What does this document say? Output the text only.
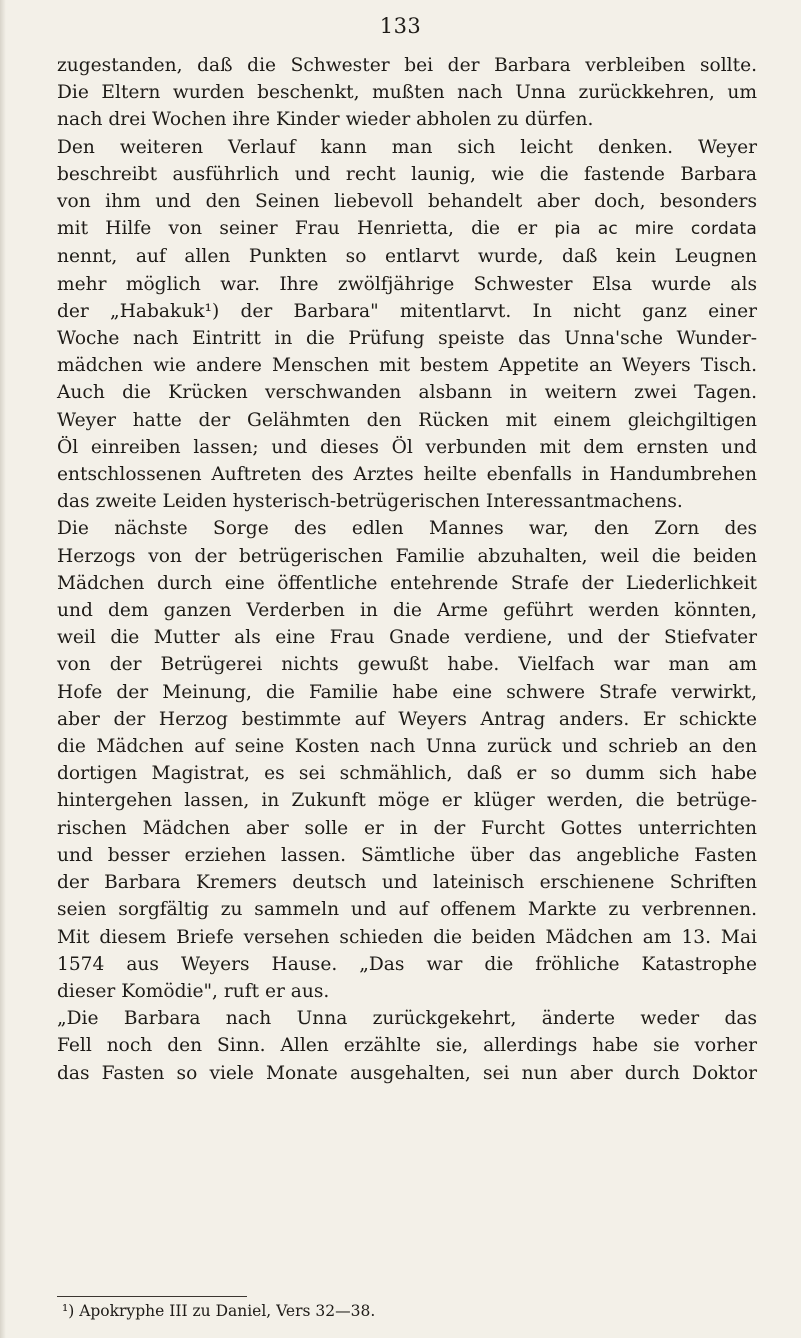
133

zugestanden, daß die Schwester bei der Barbara verbleiben sollte.
Die Eltern wurden beschenkt, mußten nach Unna zurückkehren, um
nach drei Wochen ihre Kinder wieder abholen zu dürfen.
Den weiteren Verlauf kann man sich leicht denken. Weyer
beschreibt ausführlich und recht launig, wie die fastende Barbara
von ihm und den Seinen liebevoll behandelt aber doch, besonders
mit Hilfe von seiner Frau Henrietta, die er pia ac mire cordata
nennt, auf allen Punkten so entlarvt wurde, daß kein Leugnen
mehr möglich war. Ihre zwölfjährige Schwester Elsa wurde als
der „Habakuk¹) der Barbara" mitentlarvt. In nicht ganz einer
Woche nach Eintritt in die Prüfung speiste das Unna'sche Wunder-
mädchen wie andere Menschen mit bestem Appetite an Weyers Tisch.
Auch die Krücken verschwanden alsbann in weitern zwei Tagen.
Weyer hatte der Gelähmten den Rücken mit einem gleichgiltigen
Öl einreiben lassen; und dieses Öl verbunden mit dem ernsten und
entschlossenen Auftreten des Arztes heilte ebenfalls in Handumbrehen
das zweite Leiden hysterisch-betrügerischen Interessantmachens.
Die nächste Sorge des edlen Mannes war, den Zorn des
Herzogs von der betrügerischen Familie abzuhalten, weil die beiden
Mädchen durch eine öffentliche entehrende Strafe der Liederlichkeit
und dem ganzen Verderben in die Arme geführt werden könnten,
weil die Mutter als eine Frau Gnade verdiene, und der Stiefvater
von der Betrügerei nichts gewußt habe. Vielfach war man am
Hofe der Meinung, die Familie habe eine schwere Strafe verwirkt,
aber der Herzog bestimmte auf Weyers Antrag anders. Er schickte
die Mädchen auf seine Kosten nach Unna zurück und schrieb an den
dortigen Magistrat, es sei schmählich, daß er so dumm sich habe
hintergehen lassen, in Zukunft möge er klüger werden, die betrüge-
rischen Mädchen aber solle er in der Furcht Gottes unterrichten
und besser erziehen lassen. Sämtliche über das angebliche Fasten
der Barbara Kremers deutsch und lateinisch erschienene Schriften
seien sorgfältig zu sammeln und auf offenem Markte zu verbrennen.
Mit diesem Briefe versehen schieden die beiden Mädchen am 13. Mai
1574 aus Weyers Hause. „Das war die fröhliche Katastrophe
dieser Komödie", ruft er aus.
„Die Barbara nach Unna zurückgekehrt, änderte weder das
Fell noch den Sinn. Allen erzählte sie, allerdings habe sie vorher
das Fasten so viele Monate ausgehalten, sei nun aber durch Doktor

¹) Apokryphe III zu Daniel, Vers 32—38.
